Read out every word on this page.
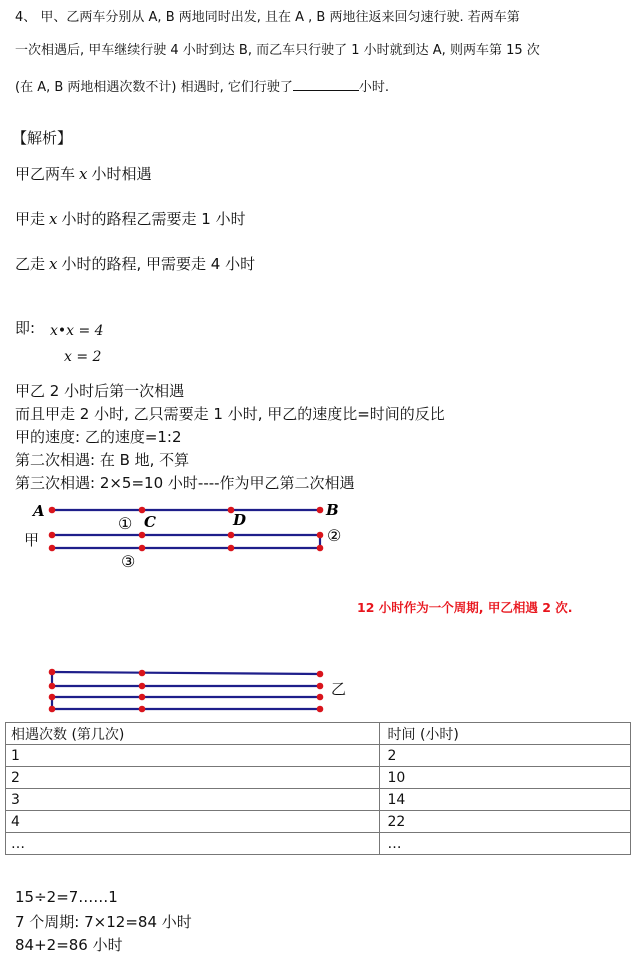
4、 甲、乙两车分别从 A, B 两地同时出发, 且在 A , B 两地往返来回匀速行驶. 若两车第
一次相遇后, 甲车继续行驶 4 小时到达 B, 而乙车只行驶了 1 小时就到达 A, 则两车第 15 次
(在 A, B 两地相遇次数不计) 相遇时, 它们行驶了	小时.
【解析】
甲乙两车 x 小时相遇
甲走 x 小时的路程乙需要走 1 小时
乙走 x 小时的路程, 甲需要走 4 小时
即: x•x = 4
x = 2
甲乙 2 小时后第一次相遇
而且甲走 2 小时, 乙只需要走 1 小时, 甲乙的速度比=时间的反比
甲的速度: 乙的速度=1:2
第二次相遇: 在 B 地, 不算
第三次相遇: 2×5=10 小时----作为甲乙第二次相遇
A	B
C	D
①
②
③
甲
12 小时作为一个周期, 甲乙相遇 2 次.
乙
相遇次数 (第几次)	时间 (小时)
1	2
2	10
3	14
4	22
…	…
15÷2=7……1
7 个周期: 7×12=84 小时
84+2=86 小时
